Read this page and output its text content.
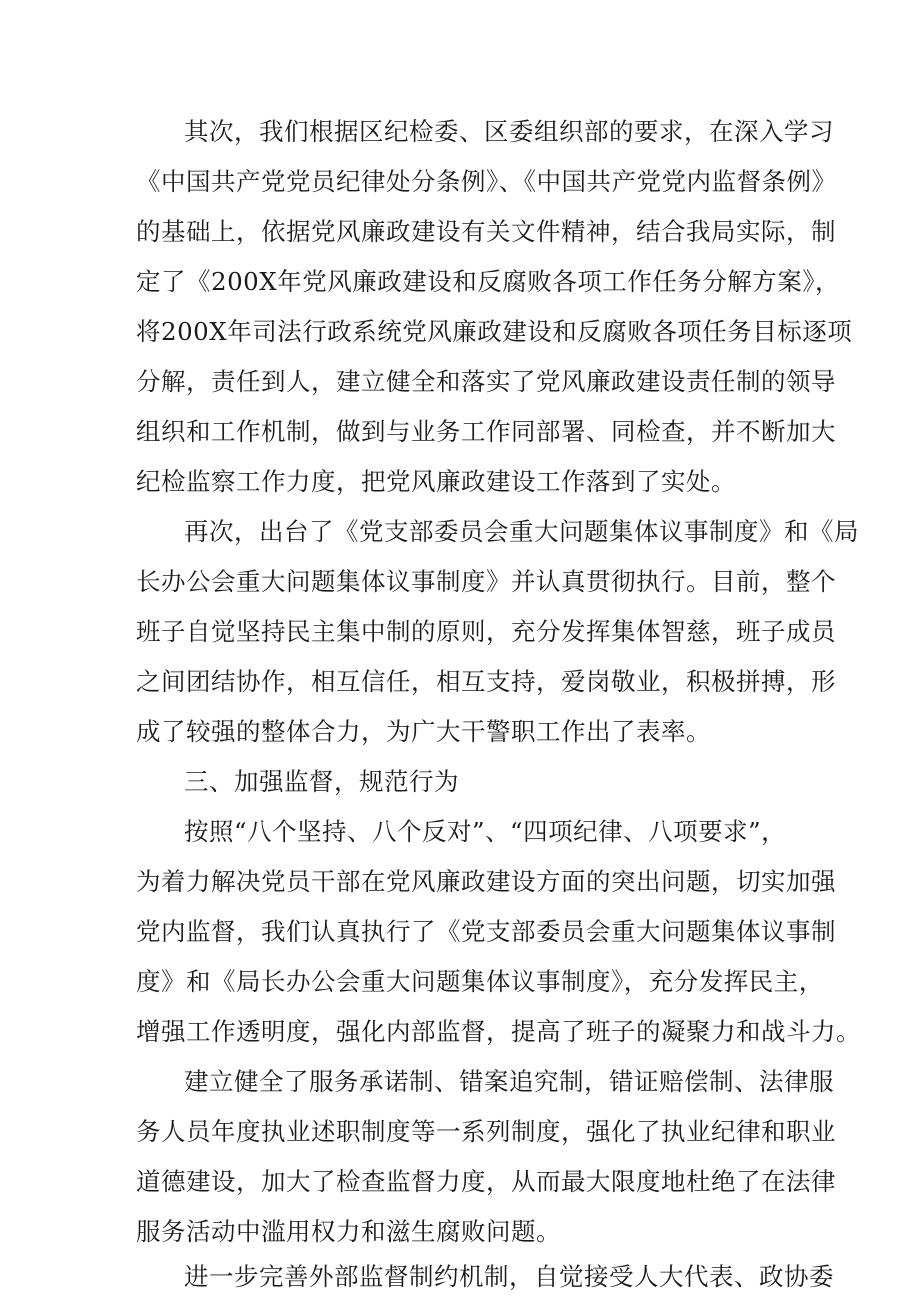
其次，我们根据区纪检委、区委组织部的要求，在深入学习
《中国共产党党员纪律处分条例》、《中国共产党党内监督条例》
的基础上，依据党风廉政建设有关文件精神，结合我局实际，制
定了《200X年党风廉政建设和反腐败各项工作任务分解方案》，
将200X年司法行政系统党风廉政建设和反腐败各项任务目标逐项
分解，责任到人，建立健全和落实了党风廉政建设责任制的领导
组织和工作机制，做到与业务工作同部署、同检查，并不断加大
纪检监察工作力度，把党风廉政建设工作落到了实处。
再次，出台了《党支部委员会重大问题集体议事制度》和《局
长办公会重大问题集体议事制度》并认真贯彻执行。目前，整个
班子自觉坚持民主集中制的原则，充分发挥集体智慈，班子成员
之间团结协作，相互信任，相互支持，爱岗敬业，积极拼搏，形
成了较强的整体合力，为广大干警职工作出了表率。
三、加强监督，规范行为
按照“八个坚持、八个反对”、“四项纪律、八项要求”，
为着力解决党员干部在党风廉政建设方面的突出问题，切实加强
党内监督，我们认真执行了《党支部委员会重大问题集体议事制
度》和《局长办公会重大问题集体议事制度》，充分发挥民主，
增强工作透明度，强化内部监督，提高了班子的凝聚力和战斗力。
建立健全了服务承诺制、错案追究制，错证赔偿制、法律服
务人员年度执业述职制度等一系列制度，强化了执业纪律和职业
道德建设，加大了检查监督力度，从而最大限度地杜绝了在法律
服务活动中滥用权力和滋生腐败问题。
进一步完善外部监督制约机制，自觉接受人大代表、政协委
